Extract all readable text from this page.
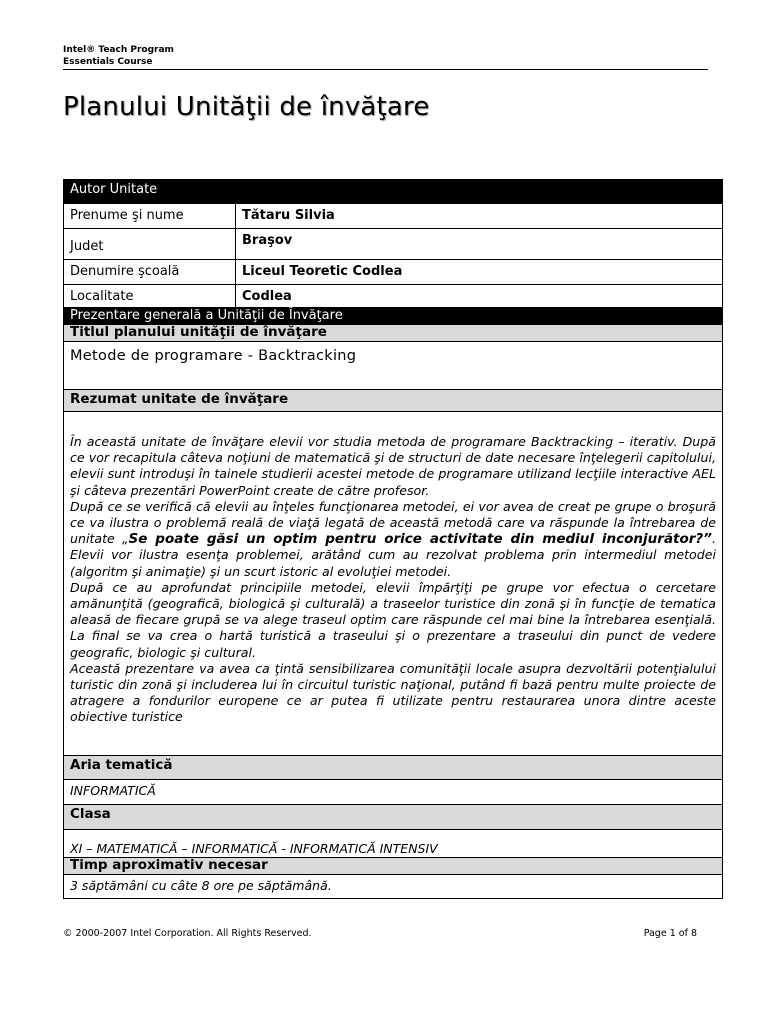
Intel® Teach Program
Essentials Course
Planului Unităţii de învăţare
Autor Unitate	
Prenume şi nume	Tătaru Silvia
Judet	Braşov
Denumire şcoală	Liceul Teoretic Codlea
Localitate	Codlea
Prezentare generală a Unităţii de Învăţare	
Titlul planului unităţii de învăţare	
Metode de programare - Backtracking	
Rezumat unitate de învăţare	

În această unitate de învăţare elevii vor studia metoda de programare Backtracking – iterativ. După ce vor recapitula câteva noţiuni de matematică şi de structuri de date necesare înţelegerii capitolului, elevii sunt introduşi în tainele studierii acestei metode de programare utilizand lecţiile interactive AEL şi câteva prezentări PowerPoint create de către profesor.

După ce se verifică că elevii au înţeles funcţionarea metodei, ei vor avea de creat pe grupe o broşură ce va ilustra o problemă reală de viaţă legată de această metodă care va răspunde la întrebarea de unitate „Se poate găsi un optim pentru orice activitate din mediul inconjurător?”. Elevii vor ilustra esenţa problemei, arătând cum au rezolvat problema prin intermediul metodei (algoritm şi animaţie) şi un scurt istoric al evoluţiei metodei.

După ce au aprofundat principiile metodei, elevii împărţiţi pe grupe vor efectua o cercetare amănunţită (geografică, biologică şi culturală) a traseelor turistice din zonă şi în funcţie de tematica aleasă de fiecare grupă se va alege traseul optim care răspunde cel mai bine la întrebarea esenţială. La final se va crea o hartă turistică a traseului şi o prezentare a traseului din punct de vedere geografic, biologic şi cultural.

Această prezentare va avea ca ţintă sensibilizarea comunităţii locale asupra dezvoltării potenţialului turistic din zonă şi includerea lui în circuitul turistic naţional, putând fi bază pentru multe proiecte de atragere a fondurilor europene ce ar putea fi utilizate pentru restaurarea unora dintre aceste obiective turistice	

Aria tematică	
INFORMATICĂ	
Clasa	
XI – MATEMATICĂ – INFORMATICĂ - INFORMATICĂ INTENSIV	
Timp aproximativ necesar	
3 săptămâni cu câte 8 ore pe săptămână.	
© 2000-2007 Intel Corporation. All Rights Reserved.	Page 1 of 8
